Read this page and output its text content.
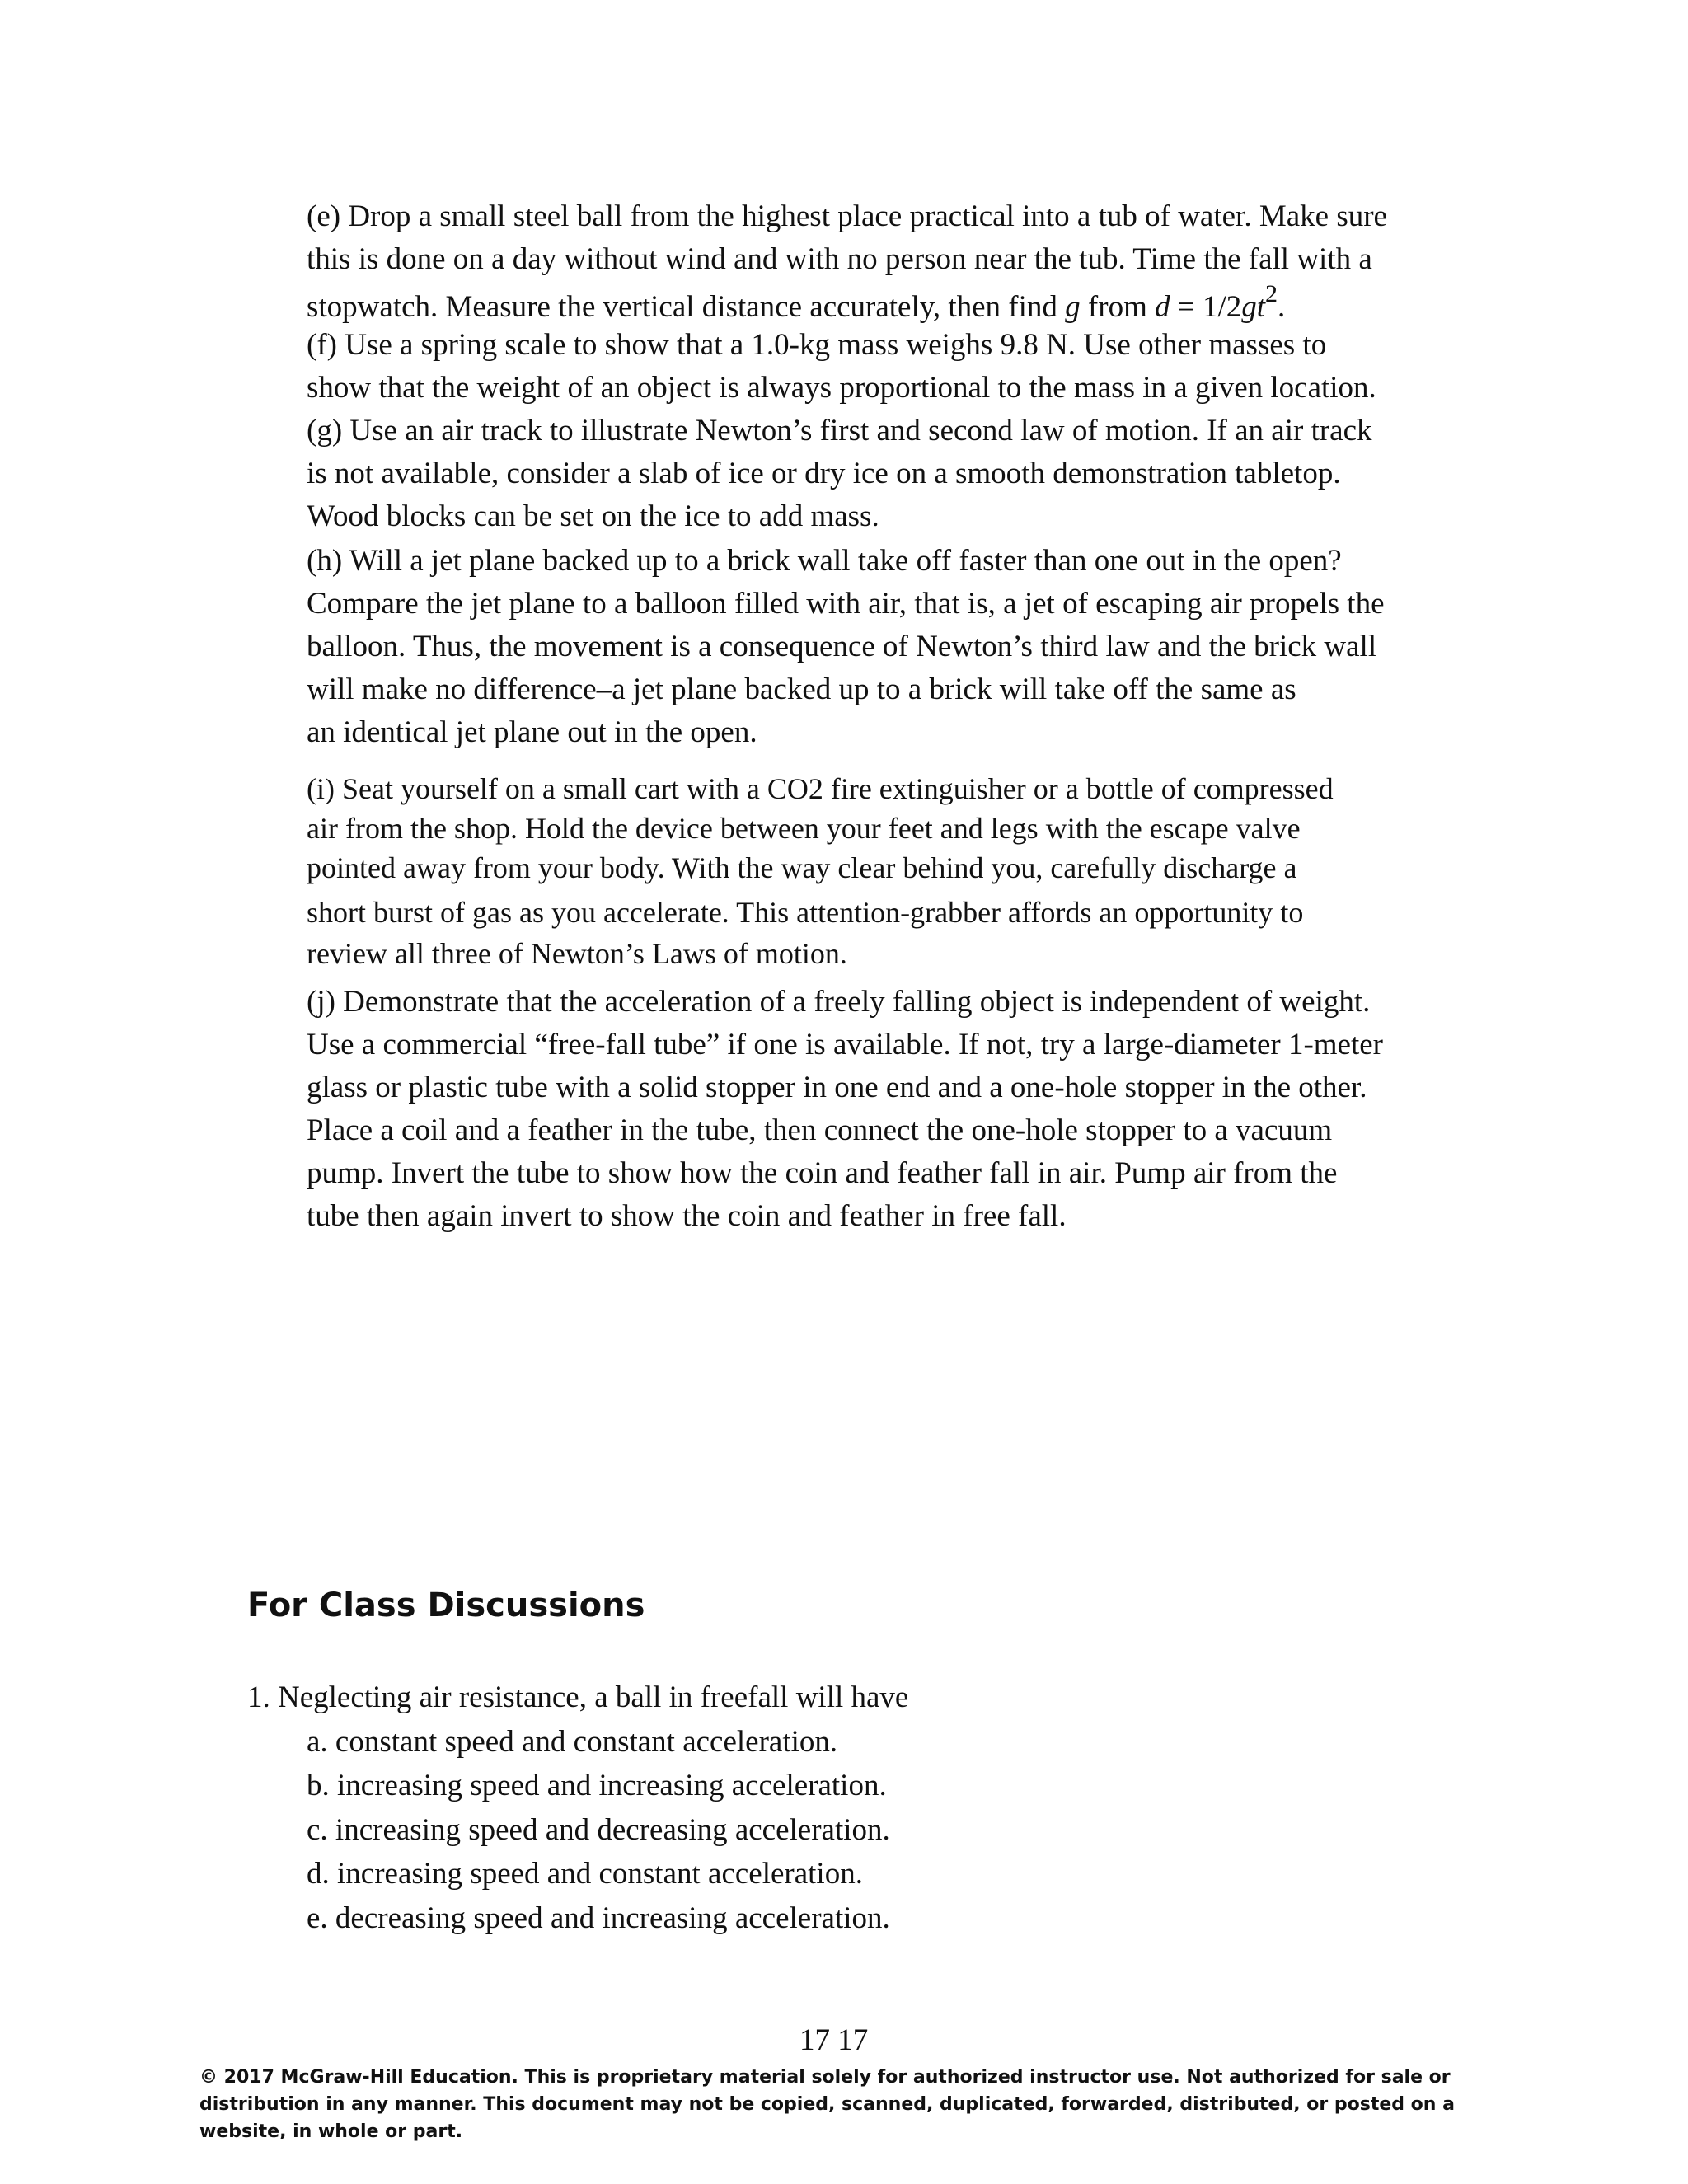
(e) Drop a small steel ball from the highest place practical into a tub of water. Make sure
this is done on a day without wind and with no person near the tub. Time the fall with a
stopwatch. Measure the vertical distance accurately, then find g from $d = 1/2gt^2$.
(f) Use a spring scale to show that a 1.0-kg mass weighs 9.8 N. Use other masses to
show that the weight of an object is always proportional to the mass in a given location.
(g) Use an air track to illustrate Newton’s first and second law of motion. If an air track
is not available, consider a slab of ice or dry ice on a smooth demonstration tabletop.
Wood blocks can be set on the ice to add mass.
(h) Will a jet plane backed up to a brick wall take off faster than one out in the open?
Compare the jet plane to a balloon filled with air, that is, a jet of escaping air propels the
balloon. Thus, the movement is a consequence of Newton’s third law and the brick wall
will make no difference–a jet plane backed up to a brick will take off the same as
an identical jet plane out in the open.
(i) Seat yourself on a small cart with a CO2 fire extinguisher or a bottle of compressed
air from the shop. Hold the device between your feet and legs with the escape valve
pointed away from your body. With the way clear behind you, carefully discharge a
short burst of gas as you accelerate. This attention-grabber affords an opportunity to
review all three of Newton’s Laws of motion.
(j) Demonstrate that the acceleration of a freely falling object is independent of weight.
Use a commercial “free-fall tube” if one is available. If not, try a large-diameter 1-meter
glass or plastic tube with a solid stopper in one end and a one-hole stopper in the other.
Place a coil and a feather in the tube, then connect the one-hole stopper to a vacuum
pump. Invert the tube to show how the coin and feather fall in air. Pump air from the
tube then again invert to show the coin and feather in free fall.
For Class Discussions
1. Neglecting air resistance, a ball in freefall will have
a. constant speed and constant acceleration.
b. increasing speed and increasing acceleration.
c. increasing speed and decreasing acceleration.
d. increasing speed and constant acceleration.
e. decreasing speed and increasing acceleration.
17 17

© 2017 McGraw-Hill Education. This is proprietary material solely for authorized instructor use. Not authorized for sale or distribution in any manner. This document may not be copied, scanned, duplicated, forwarded, distributed, or posted on a website, in whole or part.
